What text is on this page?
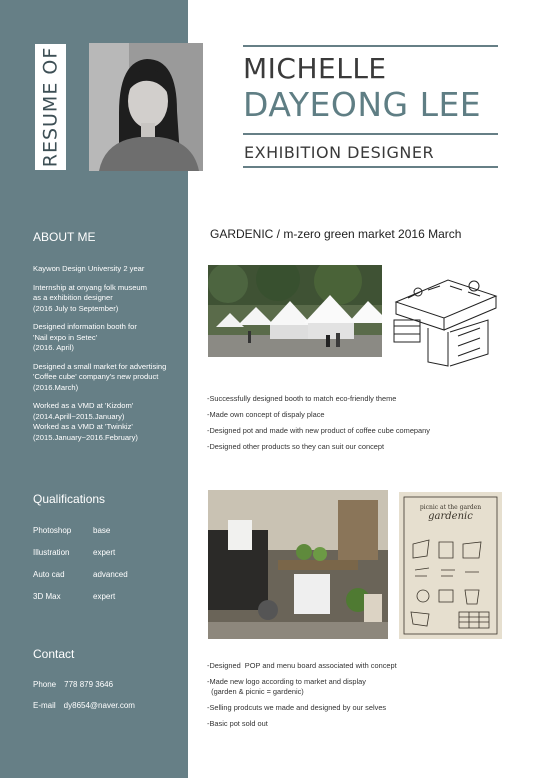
RESUME OF
ABOUT ME

Kaywon Design University 2 year

Internship at onyang folk museum
as a exhibition designer
(2016 July to September)

Designed information booth for
'Nail expo in Setec'
(2016. April)

Designed a small market for advertising
'Coffee cube' company's new product
(2016.March)

Worked as a VMD at 'Kizdom'
(2014.Aprill~2015.January)
Worked as a VMD at 'Twinkiz'
(2015.January~2016.February)

Qualifications
Photoshop	base
Illustration	expert
Auto cad	advanced
3D Max	expert
Contact
Phone 778 879 3646
E-mail dy8654@naver.com
MICHELLE
DAYEONG LEE
EXHIBITION DESIGNER
GARDENIC / m-zero green market 2016 March
-Successfully designed booth to match eco-friendly theme
-Made own concept of dispaly place
-Designed pot and made with new product of coffee cube comepany
-Designed other products so they can suit our concept
picnic at the garden
gardenic
-Designed  POP and menu board associated with concept
-Made new logo according to market and display
(garden & picnic = gardenic)
-Selling prodcuts we made and designed by our selves
-Basic pot sold out
